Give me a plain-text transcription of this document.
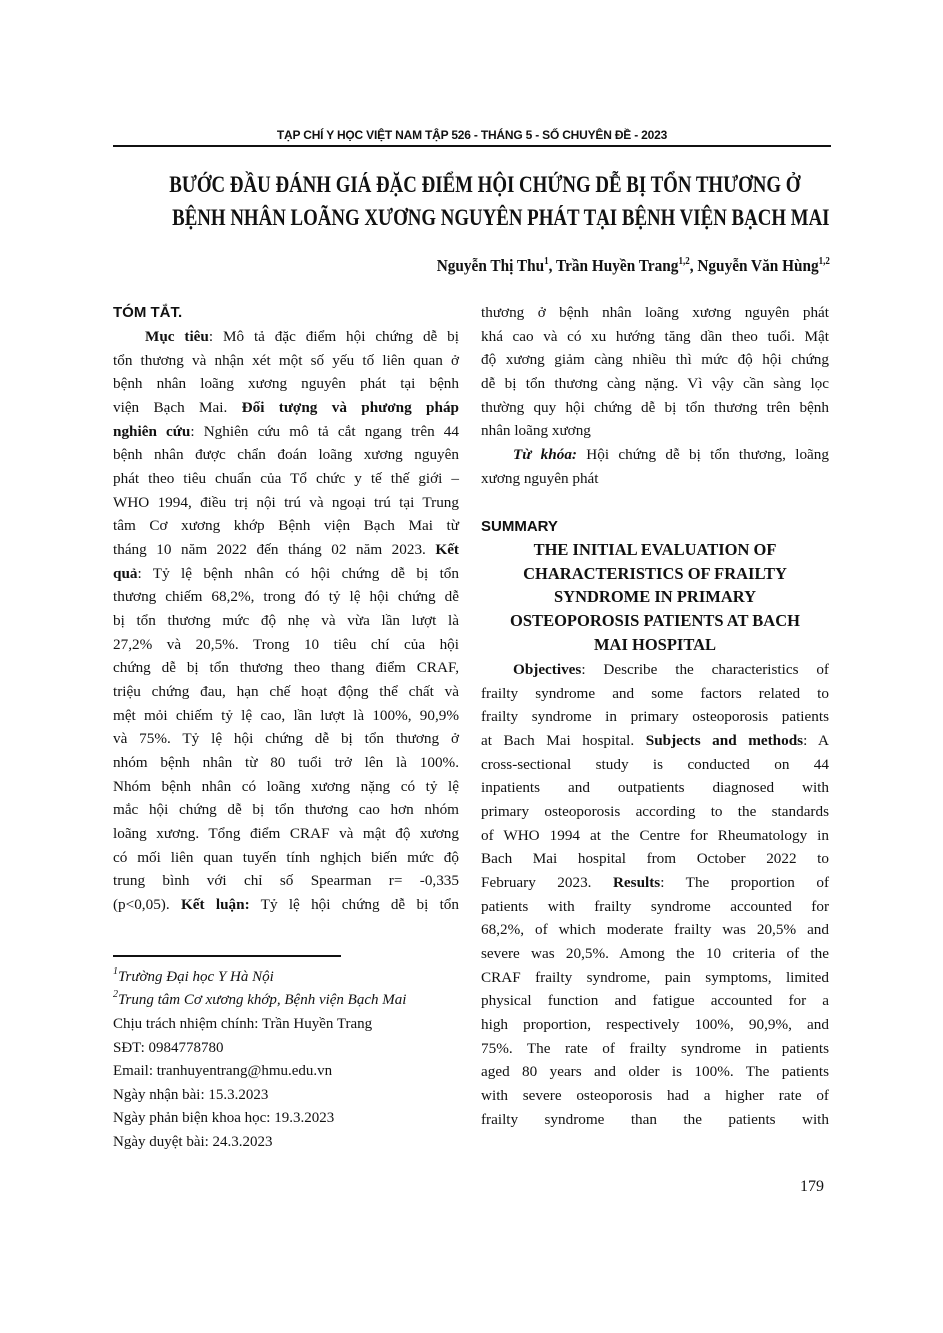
TẠP CHÍ Y HỌC VIỆT NAM TẬP 526 - THÁNG 5 - SỐ CHUYÊN ĐỀ - 2023
BƯỚC ĐẦU ĐÁNH GIÁ ĐẶC ĐIỂM HỘI CHỨNG DỄ BỊ TỔN THƯƠNG Ở
BỆNH NHÂN LOÃNG XƯƠNG NGUYÊN PHÁT TẠI BỆNH VIỆN BẠCH MAI
Nguyễn Thị Thu$^1$, Trần Huyền Trang$^{1,2}$, Nguyễn Văn Hùng$^{1,2}$
TÓM TẮT.
Mục tiêu: Mô tả đặc điểm hội chứng dễ bị
tổn thương và nhận xét một số yếu tố liên quan ở
bệnh nhân loãng xương nguyên phát tại bệnh
viện Bạch Mai. Đối tượng và phương pháp
nghiên cứu: Nghiên cứu mô tả cắt ngang trên 44
bệnh nhân được chẩn đoán loãng xương nguyên
phát theo tiêu chuẩn của Tổ chức y tế thế giới –
WHO 1994, điều trị nội trú và ngoại trú tại Trung
tâm Cơ xương khớp Bệnh viện Bạch Mai từ
tháng 10 năm 2022 đến tháng 02 năm 2023. Kết
quả: Tỷ lệ bệnh nhân có hội chứng dễ bị tổn
thương chiếm 68,2%, trong đó tỷ lệ hội chứng dễ
bị tổn thương mức độ nhẹ và vừa lần lượt là
27,2% và 20,5%. Trong 10 tiêu chí của hội
chứng dễ bị tổn thương theo thang điểm CRAF,
triệu chứng đau, hạn chế hoạt động thể chất và
mệt mỏi chiếm tỷ lệ cao, lần lượt là 100%, 90,9%
và 75%. Tỷ lệ hội chứng dễ bị tổn thương ở
nhóm bệnh nhân từ 80 tuổi trở lên là 100%.
Nhóm bệnh nhân có loãng xương nặng có tỷ lệ
mắc hội chứng dễ bị tổn thương cao hơn nhóm
loãng xương. Tổng điểm CRAF và mật độ xương
có mối liên quan tuyến tính nghịch biến mức độ
trung bình với chỉ số Spearman r= -0,335
(p<0,05). Kết luận: Tỷ lệ hội chứng dễ bị tổn
thương ở bệnh nhân loãng xương nguyên phát
khá cao và có xu hướng tăng dần theo tuổi. Mật
độ xương giảm càng nhiều thì mức độ hội chứng
dễ bị tổn thương càng nặng. Vì vậy cần sàng lọc
thường quy hội chứng dễ bị tổn thương trên bệnh
nhân loãng xương
Từ khóa: Hội chứng dễ bị tổn thương, loãng
xương nguyên phát
SUMMARY
THE INITIAL EVALUATION OF
CHARACTERISTICS OF FRAILTY
SYNDROME IN PRIMARY
OSTEOPOROSIS PATIENTS AT BACH
MAI HOSPITAL
Objectives: Describe the characteristics of
frailty syndrome and some factors related to
frailty syndrome in primary osteoporosis patients
at Bach Mai hospital. Subjects and methods: A
cross-sectional study is conducted on 44
inpatients and outpatients diagnosed with
primary osteoporosis according to the standards
of WHO 1994 at the Centre for Rheumatology in
Bach Mai hospital from October 2022 to
February 2023. Results: The proportion of
patients with frailty syndrome accounted for
68,2%, of which moderate frailty was 20,5% and
severe was 20,5%. Among the 10 criteria of the
CRAF frailty syndrome, pain symptoms, limited
physical function and fatigue accounted for a
high proportion, respectively 100%, 90,9%, and
75%. The rate of frailty syndrome in patients
aged 80 years and older is 100%. The patients
with severe osteoporosis had a higher rate of
frailty syndrome than the patients with
$^1$Trường Đại học Y Hà Nội
$^2$Trung tâm Cơ xương khớp, Bệnh viện Bạch Mai
Chịu trách nhiệm chính: Trần Huyền Trang
SĐT: 0984778780
Email: tranhuyentrang@hmu.edu.vn
Ngày nhận bài: 15.3.2023
Ngày phản biện khoa học: 19.3.2023
Ngày duyệt bài: 24.3.2023
179
